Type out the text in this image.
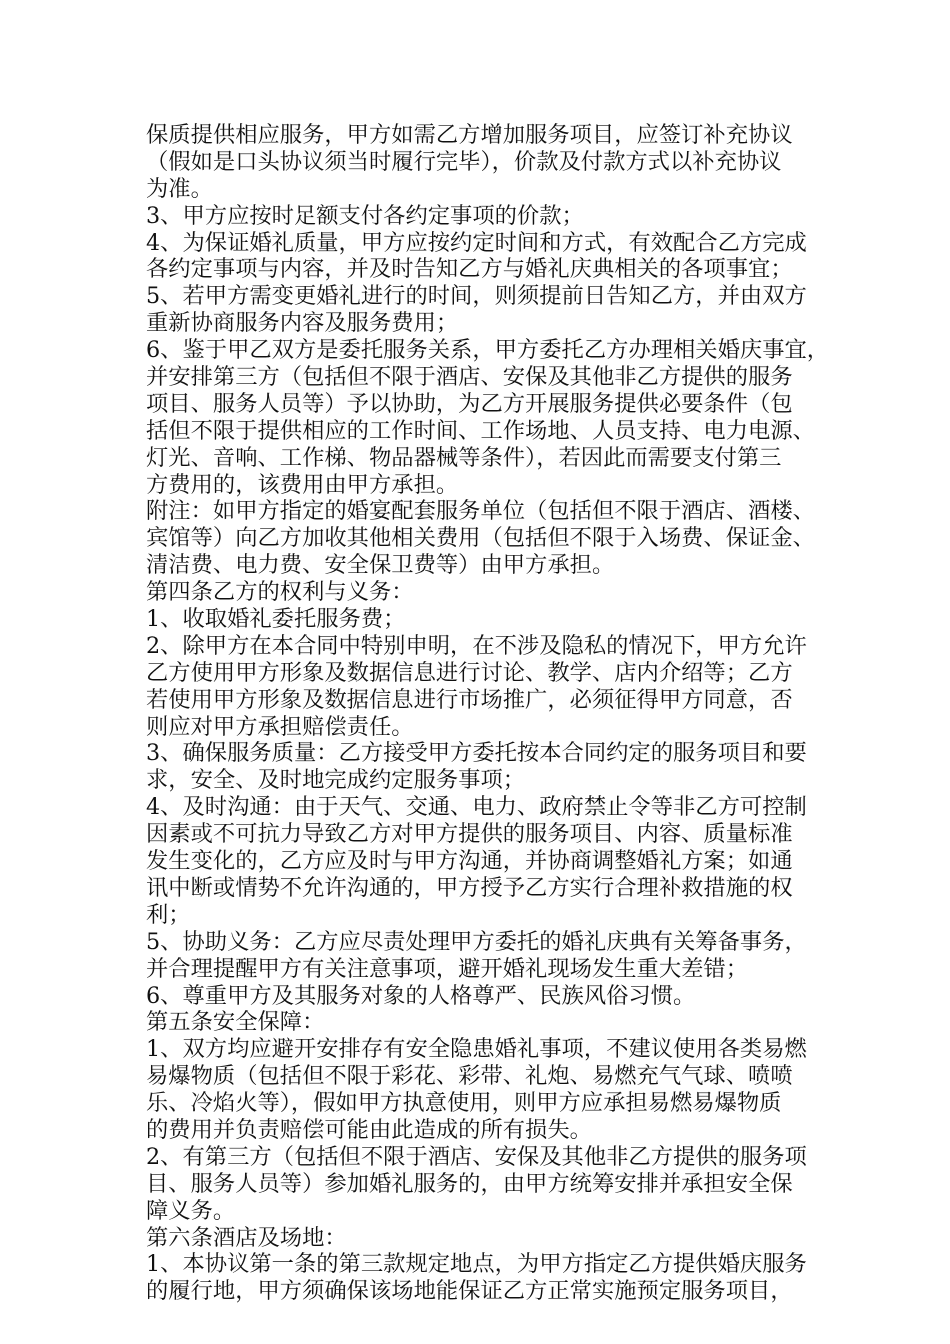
保质提供相应服务，甲方如需乙方增加服务项目，应签订补充协议
（假如是口头协议须当时履行完毕），价款及付款方式以补充协议
为准。
3、甲方应按时足额支付各约定事项的价款；
4、为保证婚礼质量，甲方应按约定时间和方式，有效配合乙方完成
各约定事项与内容，并及时告知乙方与婚礼庆典相关的各项事宜；
5、若甲方需变更婚礼进行的时间，则须提前日告知乙方，并由双方
重新协商服务内容及服务费用；
6、鉴于甲乙双方是委托服务关系，甲方委托乙方办理相关婚庆事宜，
并安排第三方（包括但不限于酒店、安保及其他非乙方提供的服务
项目、服务人员等）予以协助，为乙方开展服务提供必要条件（包
括但不限于提供相应的工作时间、工作场地、人员支持、电力电源、
灯光、音响、工作梯、物品器械等条件），若因此而需要支付第三
方费用的，该费用由甲方承担。
附注：如甲方指定的婚宴配套服务单位（包括但不限于酒店、酒楼、
宾馆等）向乙方加收其他相关费用（包括但不限于入场费、保证金、
清洁费、电力费、安全保卫费等）由甲方承担。
第四条乙方的权利与义务：
1、收取婚礼委托服务费；
2、除甲方在本合同中特别申明，在不涉及隐私的情况下，甲方允许
乙方使用甲方形象及数据信息进行讨论、教学、店内介绍等；乙方
若使用甲方形象及数据信息进行市场推广，必须征得甲方同意，否
则应对甲方承担赔偿责任。
3、确保服务质量：乙方接受甲方委托按本合同约定的服务项目和要
求，安全、及时地完成约定服务事项；
4、及时沟通：由于天气、交通、电力、政府禁止令等非乙方可控制
因素或不可抗力导致乙方对甲方提供的服务项目、内容、质量标准
发生变化的，乙方应及时与甲方沟通，并协商调整婚礼方案；如通
讯中断或情势不允许沟通的，甲方授予乙方实行合理补救措施的权
利；
5、协助义务：乙方应尽责处理甲方委托的婚礼庆典有关筹备事务，
并合理提醒甲方有关注意事项，避开婚礼现场发生重大差错；
6、尊重甲方及其服务对象的人格尊严、民族风俗习惯。
第五条安全保障：
1、双方均应避开安排存有安全隐患婚礼事项，不建议使用各类易燃
易爆物质（包括但不限于彩花、彩带、礼炮、易燃充气气球、喷喷
乐、冷焰火等），假如甲方执意使用，则甲方应承担易燃易爆物质
的费用并负责赔偿可能由此造成的所有损失。
2、有第三方（包括但不限于酒店、安保及其他非乙方提供的服务项
目、服务人员等）参加婚礼服务的，由甲方统筹安排并承担安全保
障义务。
第六条酒店及场地：
1、本协议第一条的第三款规定地点，为甲方指定乙方提供婚庆服务
的履行地，甲方须确保该场地能保证乙方正常实施预定服务项目，
